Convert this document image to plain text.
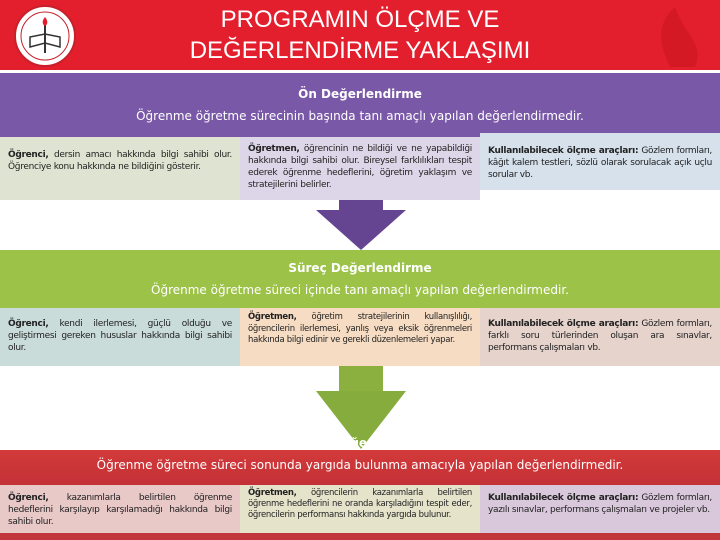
PROGRAMIN ÖLÇME VE
DEĞERLENDİRME YAKLAŞIMI
Ön Değerlendirme
Öğrenme öğretme sürecinin başında tanı amaçlı yapılan değerlendirmedir.
Öğrenci, dersin amacı hakkında bilgi sahibi olur. Öğrenciye konu hakkında ne bildiğini gösterir.
Öğretmen, öğrencinin ne bildiği ve ne yapabildiği hakkında bilgi sahibi olur. Bireysel farklılıkları tespit ederek öğrenme hedeflerini, öğretim yaklaşım ve stratejilerini belirler.
Kullanılabilecek ölçme araçları: Gözlem formları, kâğıt kalem testleri, sözlü olarak sorulacak açık uçlu sorular vb.
Süreç Değerlendirme
Öğrenme öğretme süreci içinde tanı amaçlı yapılan değerlendirmedir.
Öğrenci, kendi ilerlemesi, güçlü olduğu ve geliştirmesi gereken hususlar hakkında bilgi sahibi olur.
Öğretmen, öğretim stratejilerinin kullanışlılığı, öğrencilerin ilerlemesi, yanlış veya eksik öğrenmeleri hakkında bilgi edinir ve gerekli düzenlemeleri yapar.
Kullanılabilecek ölçme araçları: Gözlem formları, farklı soru türlerinden oluşan ara sınavlar, performans çalışmaları vb.
Sonuç Değerlendirme
Öğrenme öğretme süreci sonunda yargıda bulunma amacıyla yapılan değerlendirmedir.
Öğrenci, kazanımlarla belirtilen öğrenme hedeflerini karşılayıp karşılamadığı hakkında bilgi sahibi olur.
Öğretmen, öğrencilerin kazanımlarla belirtilen öğrenme hedeflerini ne oranda karşıladığını tespit eder, öğrencilerin performansı hakkında yargıda bulunur.
Kullanılabilecek ölçme araçları: Gözlem formları, yazılı sınavlar, performans çalışmaları ve projeler vb.
